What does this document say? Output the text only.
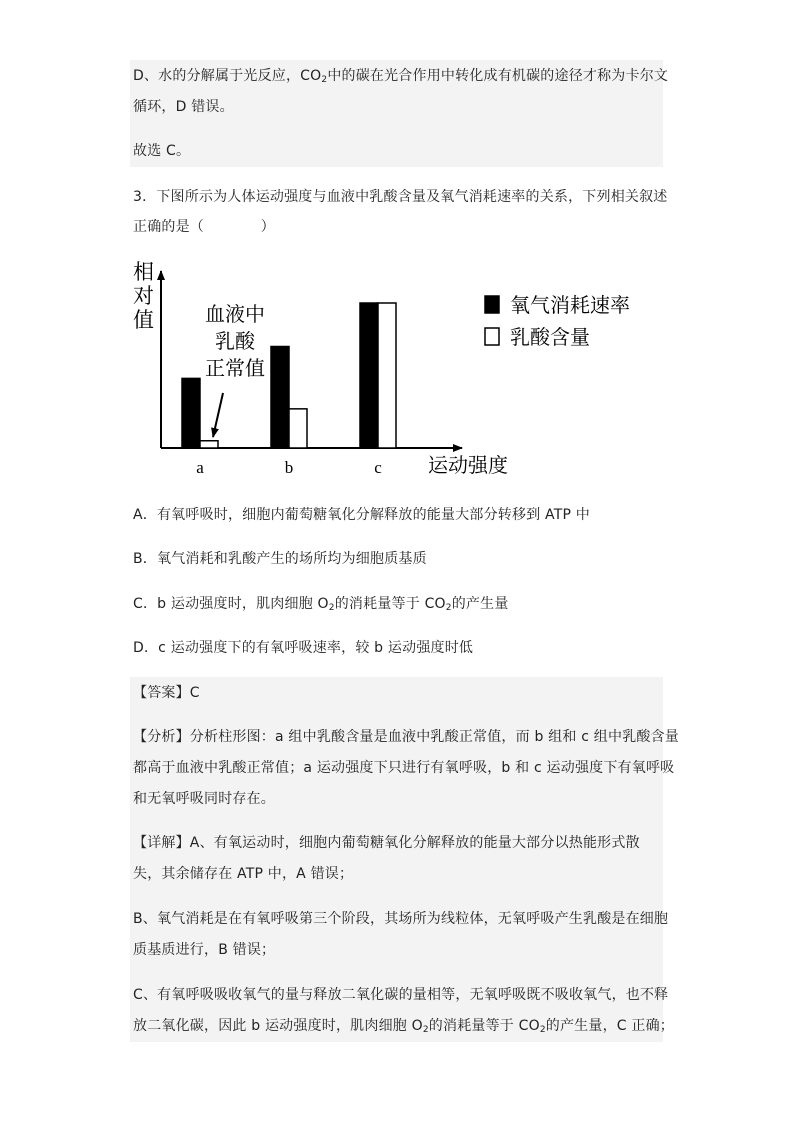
D、水的分解属于光反应，$CO_2$中的碳在光合作用中转化成有机碳的途径才称为卡尔文
循环，D 错误。
故选 C。
3．下图所示为人体运动强度与血液中乳酸含量及氧气消耗速率的关系，下列相关叙述
正确的是（　　　　）
相
对
值
a	b	c 运动强度
血液中
乳酸
正常值
氧气消耗速率
乳酸含量
A．有氧呼吸时，细胞内葡萄糖氧化分解释放的能量大部分转移到 ATP 中
B．氧气消耗和乳酸产生的场所均为细胞质基质
C．b 运动强度时，肌肉细胞 $O_2$的消耗量等于 $CO_2$的产生量
D．c 运动强度下的有氧呼吸速率，较 b 运动强度时低
【答案】C
【分析】分析柱形图：a 组中乳酸含量是血液中乳酸正常值，而 b 组和 c 组中乳酸含量
都高于血液中乳酸正常值；a 运动强度下只进行有氧呼吸，b 和 c 运动强度下有氧呼吸
和无氧呼吸同时存在。
【详解】A、有氧运动时，细胞内葡萄糖氧化分解释放的能量大部分以热能形式散
失，其余储存在 ATP 中，A 错误；
B、氧气消耗是在有氧呼吸第三个阶段，其场所为线粒体，无氧呼吸产生乳酸是在细胞
质基质进行，B 错误；
C、有氧呼吸吸收氧气的量与释放二氧化碳的量相等，无氧呼吸既不吸收氧气，也不释
放二氧化碳，因此 b 运动强度时，肌肉细胞 $O_2$的消耗量等于 $CO_2$的产生量，C 正确；
